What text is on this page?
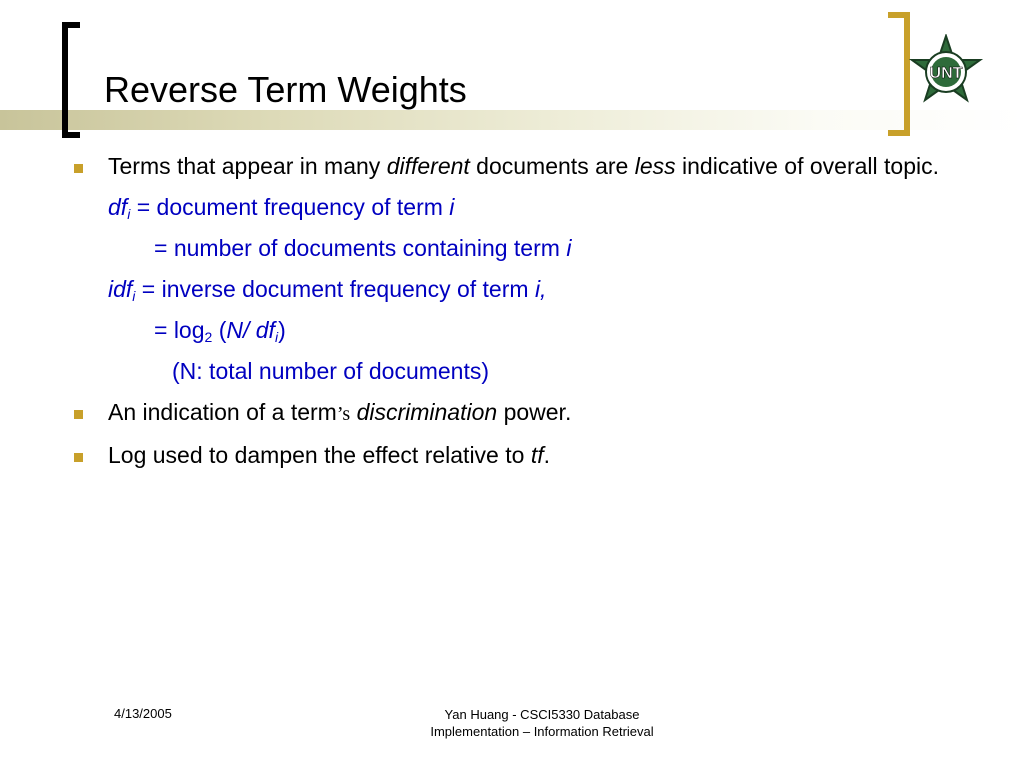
Reverse Term Weights	UNT
Terms that appear in many different documents are less indicative of overall topic.
$df_i$ = document frequency of term i
= number of documents containing term i
idf$_i$ = inverse document frequency of term i,
= $\log_2 (N/$ $df_i$)
(N: total number of documents)
An indication of a term’s discrimination power.
Log used to dampen the effect relative to tf.
4/13/2005	Yan Huang - CSCI5330 Database
Implementation – Information Retrieval
